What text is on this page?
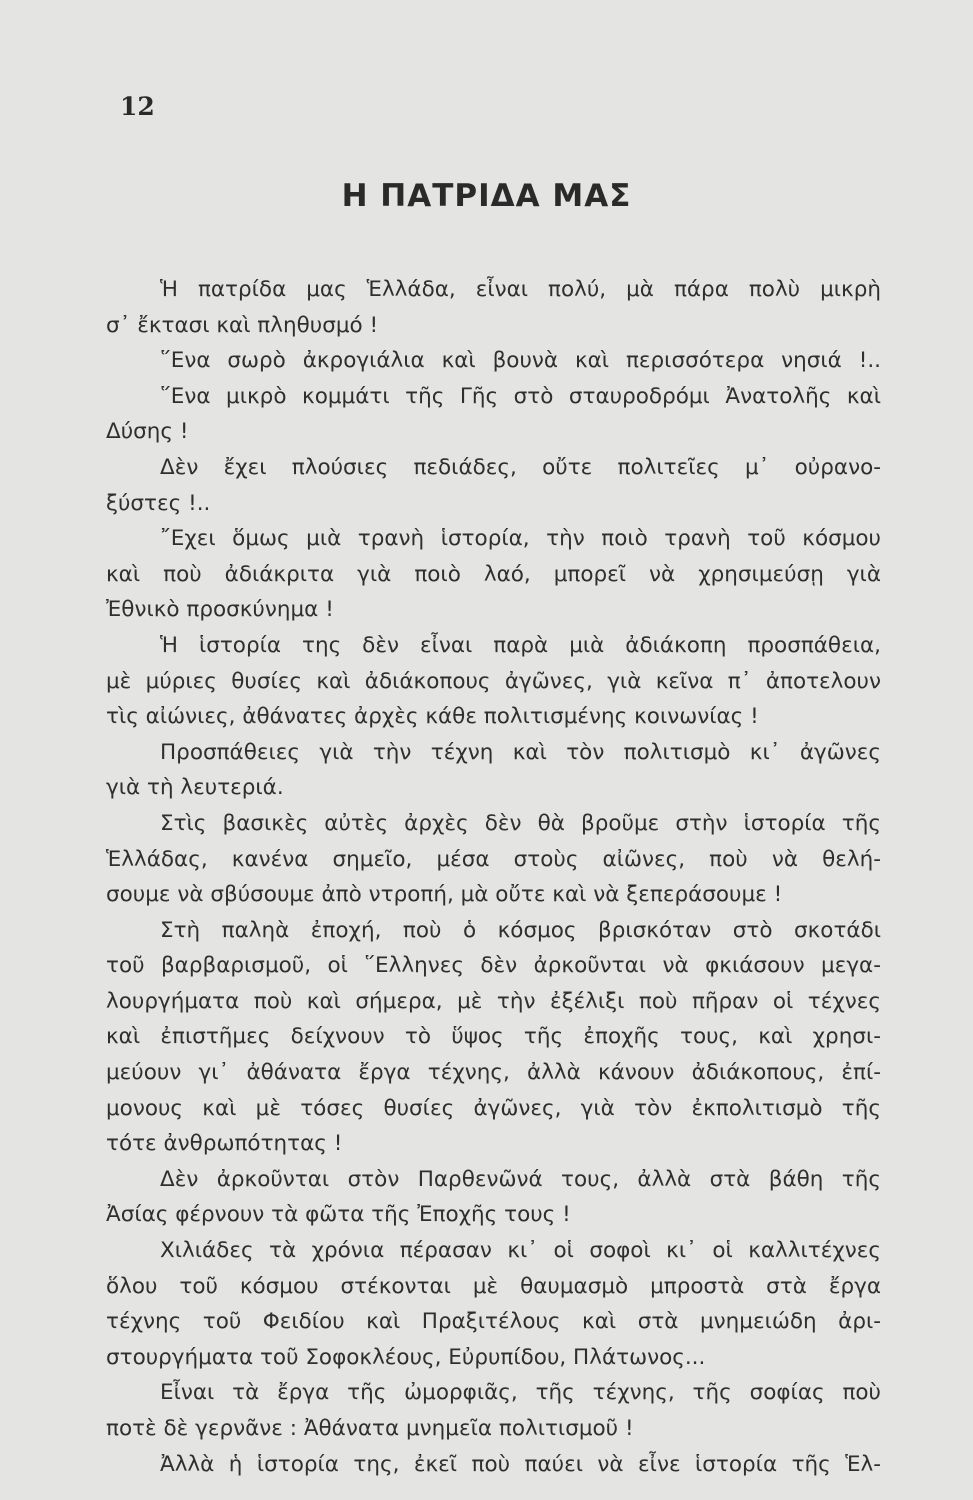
12
Η ΠΑΤΡΙΔΑ ΜΑΣ
Ἡ πατρίδα μας Ἑλλάδα, εἶναι πολύ, μὰ πάρα πολὺ μικρὴ
σ᾽ ἔκτασι καὶ πληθυσμό !
῞Ενα σωρὸ ἀκρογιάλια καὶ βουνὰ καὶ περισσότερα νησιά !..
῞Ενα μικρὸ κομμάτι τῆς Γῆς στὸ σταυροδρόμι Ἀνατολῆς καὶ
Δύσης !
Δὲν ἔχει πλούσιες πεδιάδες, οὔτε πολιτεῖες μ᾽ οὐρανο-
ξύστες !..
῎Εχει ὅμως μιὰ τρανὴ ἱστορία, τὴν ποιὸ τρανὴ τοῦ κόσμου
καὶ ποὺ ἀδιάκριτα γιὰ ποιὸ λαό, μπορεῖ νὰ χρησιμεύσῃ γιὰ
Ἐθνικὸ προσκύνημα !
Ἡ ἱστορία της δὲν εἶναι παρὰ μιὰ ἀδιάκοπη προσπάθεια,
μὲ μύριες θυσίες καὶ ἀδιάκοπους ἀγῶνες, γιὰ κεῖνα π᾽ ἀποτελουν
τὶς αἰώνιες, ἀθάνατες ἀρχὲς κάθε πολιτισμένης κοινωνίας !
Προσπάθειες γιὰ τὴν τέχνη καὶ τὸν πολιτισμὸ κι᾽ ἀγῶνες
γιὰ τὴ λευτεριά.
Στὶς βασικὲς αὐτὲς ἀρχὲς δὲν θὰ βροῦμε στὴν ἱστορία τῆς
Ἑλλάδας, κανένα σημεῖο, μέσα στοὺς αἰῶνες, ποὺ νὰ θελή-
σουμε νὰ σβύσουμε ἀπὸ ντροπή, μὰ οὔτε καὶ νὰ ξεπεράσουμε !
Στὴ παληὰ ἐποχή, ποὺ ὁ κόσμος βρισκόταν στὸ σκοτάδι
τοῦ βαρβαρισμοῦ, οἱ ῞Ελληνες δὲν ἀρκοῦνται νὰ φκιάσουν μεγα-
λουργήματα ποὺ καὶ σήμερα, μὲ τὴν ἐξέλιξι ποὺ πῆραν οἱ τέχνες
καὶ ἐπιστῆμες δείχνουν τὸ ὕψος τῆς ἐποχῆς τους, καὶ χρησι-
μεύουν γι᾽ ἀθάνατα ἔργα τέχνης, ἀλλὰ κάνουν ἀδιάκοπους, ἐπί-
μονους καὶ μὲ τόσες θυσίες ἀγῶνες, γιὰ τὸν ἐκπολιτισμὸ τῆς
τότε ἀνθρωπότητας !
Δὲν ἀρκοῦνται στὸν Παρθενῶνά τους, ἀλλὰ στὰ βάθη τῆς
Ἀσίας φέρνουν τὰ φῶτα τῆς Ἐποχῆς τους !
Χιλιάδες τὰ χρόνια πέρασαν κι᾽ οἱ σοφοὶ κι᾽ οἱ καλλιτέχνες
ὅλου τοῦ κόσμου στέκονται μὲ θαυμασμὸ μπροστὰ στὰ ἔργα
τέχνης τοῦ Φειδίου καὶ Πραξιτέλους καὶ στὰ μνημειώδη ἀρι-
στουργήματα τοῦ Σοφοκλέους, Εὐρυπίδου, Πλάτωνος...
Εἶναι τὰ ἔργα τῆς ὠμορφιᾶς, τῆς τέχνης, τῆς σοφίας ποὺ
ποτὲ δὲ γερνᾶνε : Ἀθάνατα μνημεῖα πολιτισμοῦ !
Ἀλλὰ ἡ ἱστορία της, ἐκεῖ ποὺ παύει νὰ εἶνε ἱστορία τῆς Ἑλ-
